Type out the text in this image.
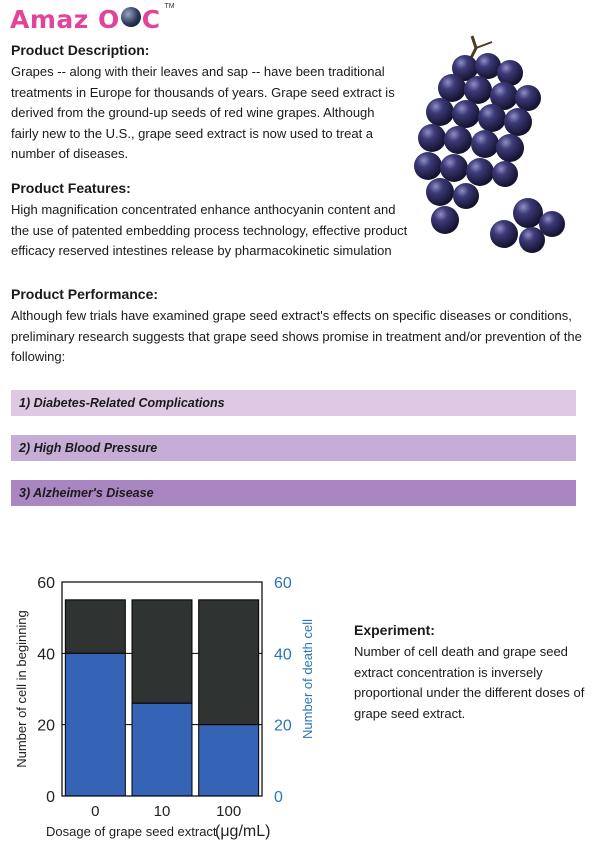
Amaz O C TM

Product Description:

Grapes -- along with their leaves and sap -- have been traditional treatments in Europe for thousands of years. Grape seed extract is derived from the ground-up seeds of red wine grapes. Although fairly new to the U.S., grape seed extract is now used to treat a number of diseases.

Product Features:

High magnification concentrated enhance anthocyanin content and the use of patented embedding process technology, effective product efficacy reserved intestines release by pharmacokinetic simulation

Product Performance:

Although few trials have examined grape seed extract's effects on specific diseases or conditions, preliminary research suggests that grape seed shows promise in treatment and/or prevention of the following:

1) Diabetes-Related Complications
2) High Blood Pressure
3) Alzheimer's Disease
0	10	100
0
20
40
60
0
20
40
60
Number of cell in beginning	Number of death cell
Dosage of grape seed extract
(μg/mL)

Experiment:

Number of cell death and grape seed extract concentration is inversely proportional under the different doses of grape seed extract.
